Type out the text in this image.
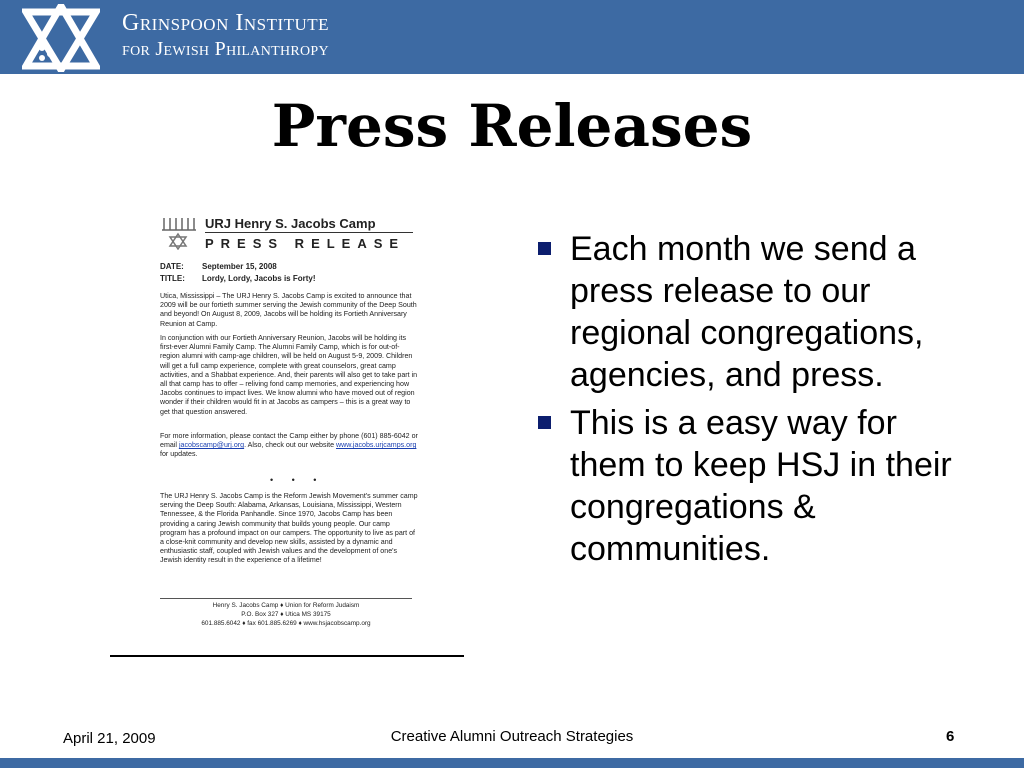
Grinspoon Institute
for Jewish Philanthropy
Press Releases
URJ Henry S. Jacobs Camp
PRESS RELEASE
DATE: September 15, 2008
TITLE: Lordy, Lordy, Jacobs is Forty!
Utica, Mississippi – The URJ Henry S. Jacobs Camp is excited to announce that 2009 will be our fortieth summer serving the Jewish community of the Deep South and beyond! On August 8, 2009, Jacobs will be holding its Fortieth Anniversary Reunion at Camp.
In conjunction with our Fortieth Anniversary Reunion, Jacobs will be holding its first-ever Alumni Family Camp. The Alumni Family Camp, which is for out-of-region alumni with camp-age children, will be held on August 5-9, 2009. Children will get a full camp experience, complete with great counselors, great camp activities, and a Shabbat experience. And, their parents will also get to take part in all that camp has to offer – reliving fond camp memories, and experiencing how Jacobs continues to impact lives. We know alumni who have moved out of region wonder if their children would fit in at Jacobs as campers – this is a great way to get that question answered.
For more information, please contact the Camp either by phone (601) 885-6042 or email jacobscamp@urj.org. Also, check out our website www.jacobs.urjcamps.org for updates.
• • •
The URJ Henry S. Jacobs Camp is the Reform Jewish Movement's summer camp serving the Deep South: Alabama, Arkansas, Louisiana, Mississippi, Western Tennessee, & the Florida Panhandle. Since 1970, Jacobs Camp has been providing a caring Jewish community that builds young people. Our camp program has a profound impact on our campers. The opportunity to live as part of a close-knit community and develop new skills, assisted by a dynamic and enthusiastic staff, coupled with Jewish values and the development of one's Jewish identity result in the experience of a lifetime!
Henry S. Jacobs Camp ♦ Union for Reform Judaism
P.O. Box 327 ♦ Utica MS 39175
601.885.6042 ♦ fax 601.885.6269 ♦ www.hsjacobscamp.org
Each month we send a press release to our regional congregations, agencies, and press.
This is a easy way for them to keep HSJ in their congregations & communities.
April 21, 2009	Creative Alumni Outreach Strategies	6
